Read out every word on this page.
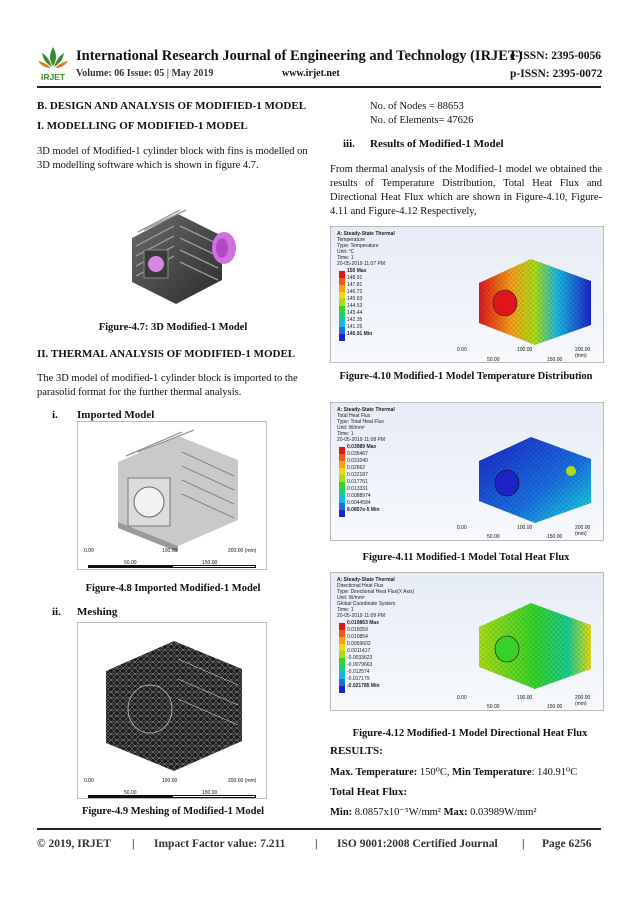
IRJET
International Research Journal of Engineering and Technology (IRJET)
e-ISSN: 2395-0056
Volume: 06 Issue: 05 | May 2019	www.irjet.net	p-ISSN: 2395-0072
B. DESIGN AND ANALYSIS OF MODIFIED-1 MODEL
I. MODELLING OF MODIFIED-1 MODEL
3D model of Modified-1 cylinder block with fins is modelled on 3D modelling software which is shown in figure 4.7.
Figure-4.7: 3D Modified-1 Model
II. THERMAL ANALYSIS OF MODIFIED-1 MODEL
The 3D model of modified-1 cylinder block is imported to the parasolid format for the further thermal analysis.
i. Imported Model
0.00	100.00	200.00 (mm)
50.00	150.00
Figure-4.8 Imported Modified-1 Model
ii. Meshing
0.00	100.00	200.00 (mm)
50.00	150.00
Figure-4.9 Meshing of Modified-1 Model
No. of Nodes = 88653
No. of Elements= 47626
iii. Results of Modified-1 Model
From thermal analysis of the Modified-1 model we obtained the results of Temperature Distribution, Total Heat Flux and Directional Heat Flux which are shown in Figure-4.10, Figure-4.11 and Figure-4.12 Respectively,
A: Steady-State Thermal
Temperature
Type: Temperature
Unit: °C
Time: 1
20-05-2019 11:07 PM
0.00	100.00	200.00 (mm)
50.00	150.00
150 Max
148.91
147.81
146.72
145.63
144.53
143.44
142.35
141.25
140.91 Min
Figure-4.10 Modified-1 Model Temperature Distribution
A: Steady-State Thermal
Total Heat Flux
Type: Total Heat Flux
Unit: W/mm²
Time: 1
20-05-2019 11:08 PM
0.00	100.00	200.00 (mm)
50.00	150.00
0.03989 Max
0.035467
0.031040
0.02662
0.022187
0.017761
0.013331
0.0088974
0.0044584
8.0857e-5 Min
Figure-4.11 Modified-1 Model Total Heat Flux
A: Steady-State Thermal
Directional Heat Flux
Type: Directional Heat Flux(X Axis)
Unit: W/mm²
Global Coordinate System
Time: 1
20-05-2019 11:09 PM
0.00	100.00	200.00 (mm)
50.00	150.00
0.019863 Max
0.015059
0.010854
0.0059602
0.0011417
-0.0033623
-0.0079663
-0.012574
-0.017179
-0.021785 Min
Figure-4.12 Modified-1 Model Directional Heat Flux
RESULTS:
Max. Temperature: 150⁰C, Min Temperature: 140.91⁰C
Total Heat Flux:
Min: 8.0857x10⁻⁵W/mm² Max: 0.03989W/mm²
© 2019, IRJET | Impact Factor value: 7.211	| ISO 9001:2008 Certified Journal | Page 6256
